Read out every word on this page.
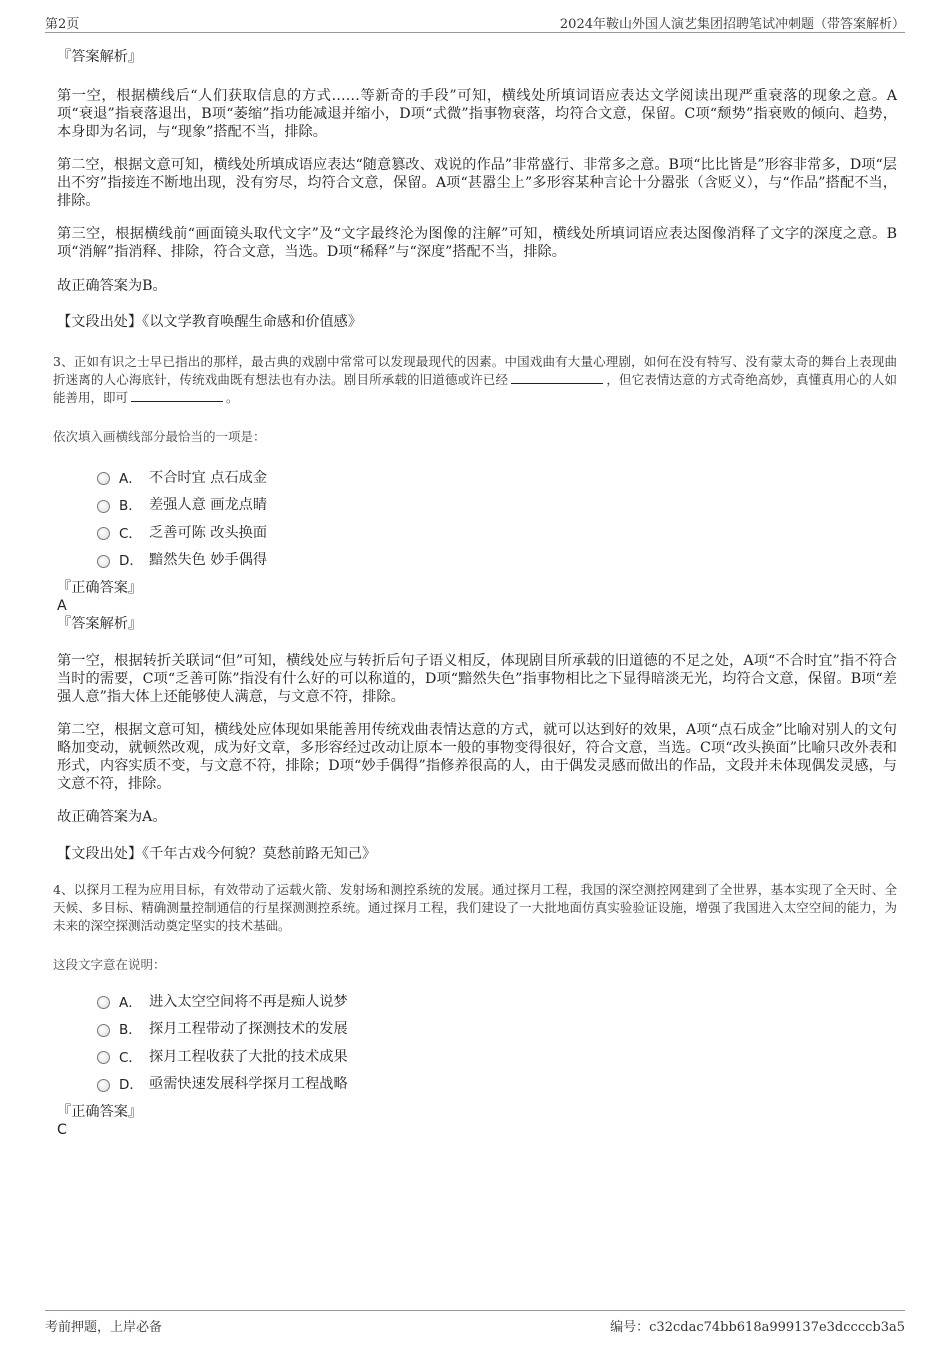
第2页	2024年鞍山外国人演艺集团招聘笔试冲刺题（带答案解析）

『答案解析』

第一空，根据横线后“人们获取信息的方式……等新奇的手段”可知，横线处所填词语应表达文学阅读出现严重衰落的现象之意。A项“衰退”指衰落退出，B项“萎缩”指功能减退并缩小，D项“式微”指事物衰落，均符合文意，保留。C项“颓势”指衰败的倾向、趋势，本身即为名词，与“现象”搭配不当，排除。

第二空，根据文意可知，横线处所填成语应表达“随意篡改、戏说的作品”非常盛行、非常多之意。B项“比比皆是”形容非常多，D项“层出不穷”指接连不断地出现，没有穷尽，均符合文意，保留。A项“甚嚣尘上”多形容某种言论十分嚣张（含贬义），与“作品”搭配不当，排除。

第三空，根据横线前“画面镜头取代文字”及“文字最终沦为图像的注解”可知，横线处所填词语应表达图像消释了文字的深度之意。B项“消解”指消释、排除，符合文意，当选。D项“稀释”与“深度”搭配不当，排除。

故正确答案为B。

【文段出处】《以文学教育唤醒生命感和价值感》

3、正如有识之士早已指出的那样，最古典的戏剧中常常可以发现最现代的因素。中国戏曲有大量心理剧，如何在没有特写、没有蒙太奇的舞台上表现曲折迷离的人心海底针，传统戏曲既有想法也有办法。剧目所承载的旧道德或许已经	，但它表情达意的方式奇绝高妙，真懂真用心的人如能善用，即可	。

依次填入画横线部分最恰当的一项是：

A． 不合时宜 点石成金
B． 差强人意 画龙点睛
C． 乏善可陈 改头换面
D． 黯然失色 妙手偶得

『正确答案』

A

『答案解析』

第一空，根据转折关联词“但”可知，横线处应与转折后句子语义相反，体现剧目所承载的旧道德的不足之处，A项“不合时宜”指不符合当时的需要，C项“乏善可陈”指没有什么好的可以称道的，D项“黯然失色”指事物相比之下显得暗淡无光，均符合文意，保留。B项“差强人意”指大体上还能够使人满意，与文意不符，排除。

第二空，根据文意可知，横线处应体现如果能善用传统戏曲表情达意的方式，就可以达到好的效果，A项“点石成金”比喻对别人的文句略加变动，就顿然改观，成为好文章，多形容经过改动让原本一般的事物变得很好，符合文意，当选。C项“改头换面”比喻只改外表和形式，内容实质不变，与文意不符，排除；D项“妙手偶得”指修养很高的人，由于偶发灵感而做出的作品，文段并未体现偶发灵感，与文意不符，排除。

故正确答案为A。

【文段出处】《千年古戏今何貌？莫愁前路无知己》

4、以探月工程为应用目标，有效带动了运载火箭、发射场和测控系统的发展。通过探月工程，我国的深空测控网建到了全世界，基本实现了全天时、全天候、多目标、精确测量控制通信的行星探测测控系统。通过探月工程，我们建设了一大批地面仿真实验验证设施，增强了我国进入太空空间的能力，为未来的深空探测活动奠定坚实的技术基础。

这段文字意在说明：

A． 进入太空空间将不再是痴人说梦
B． 探月工程带动了探测技术的发展
C． 探月工程收获了大批的技术成果
D． 亟需快速发展科学探月工程战略

『正确答案』

C

考前押题，上岸必备	编号：c32cdac74bb618a999137e3dccccb3a5
